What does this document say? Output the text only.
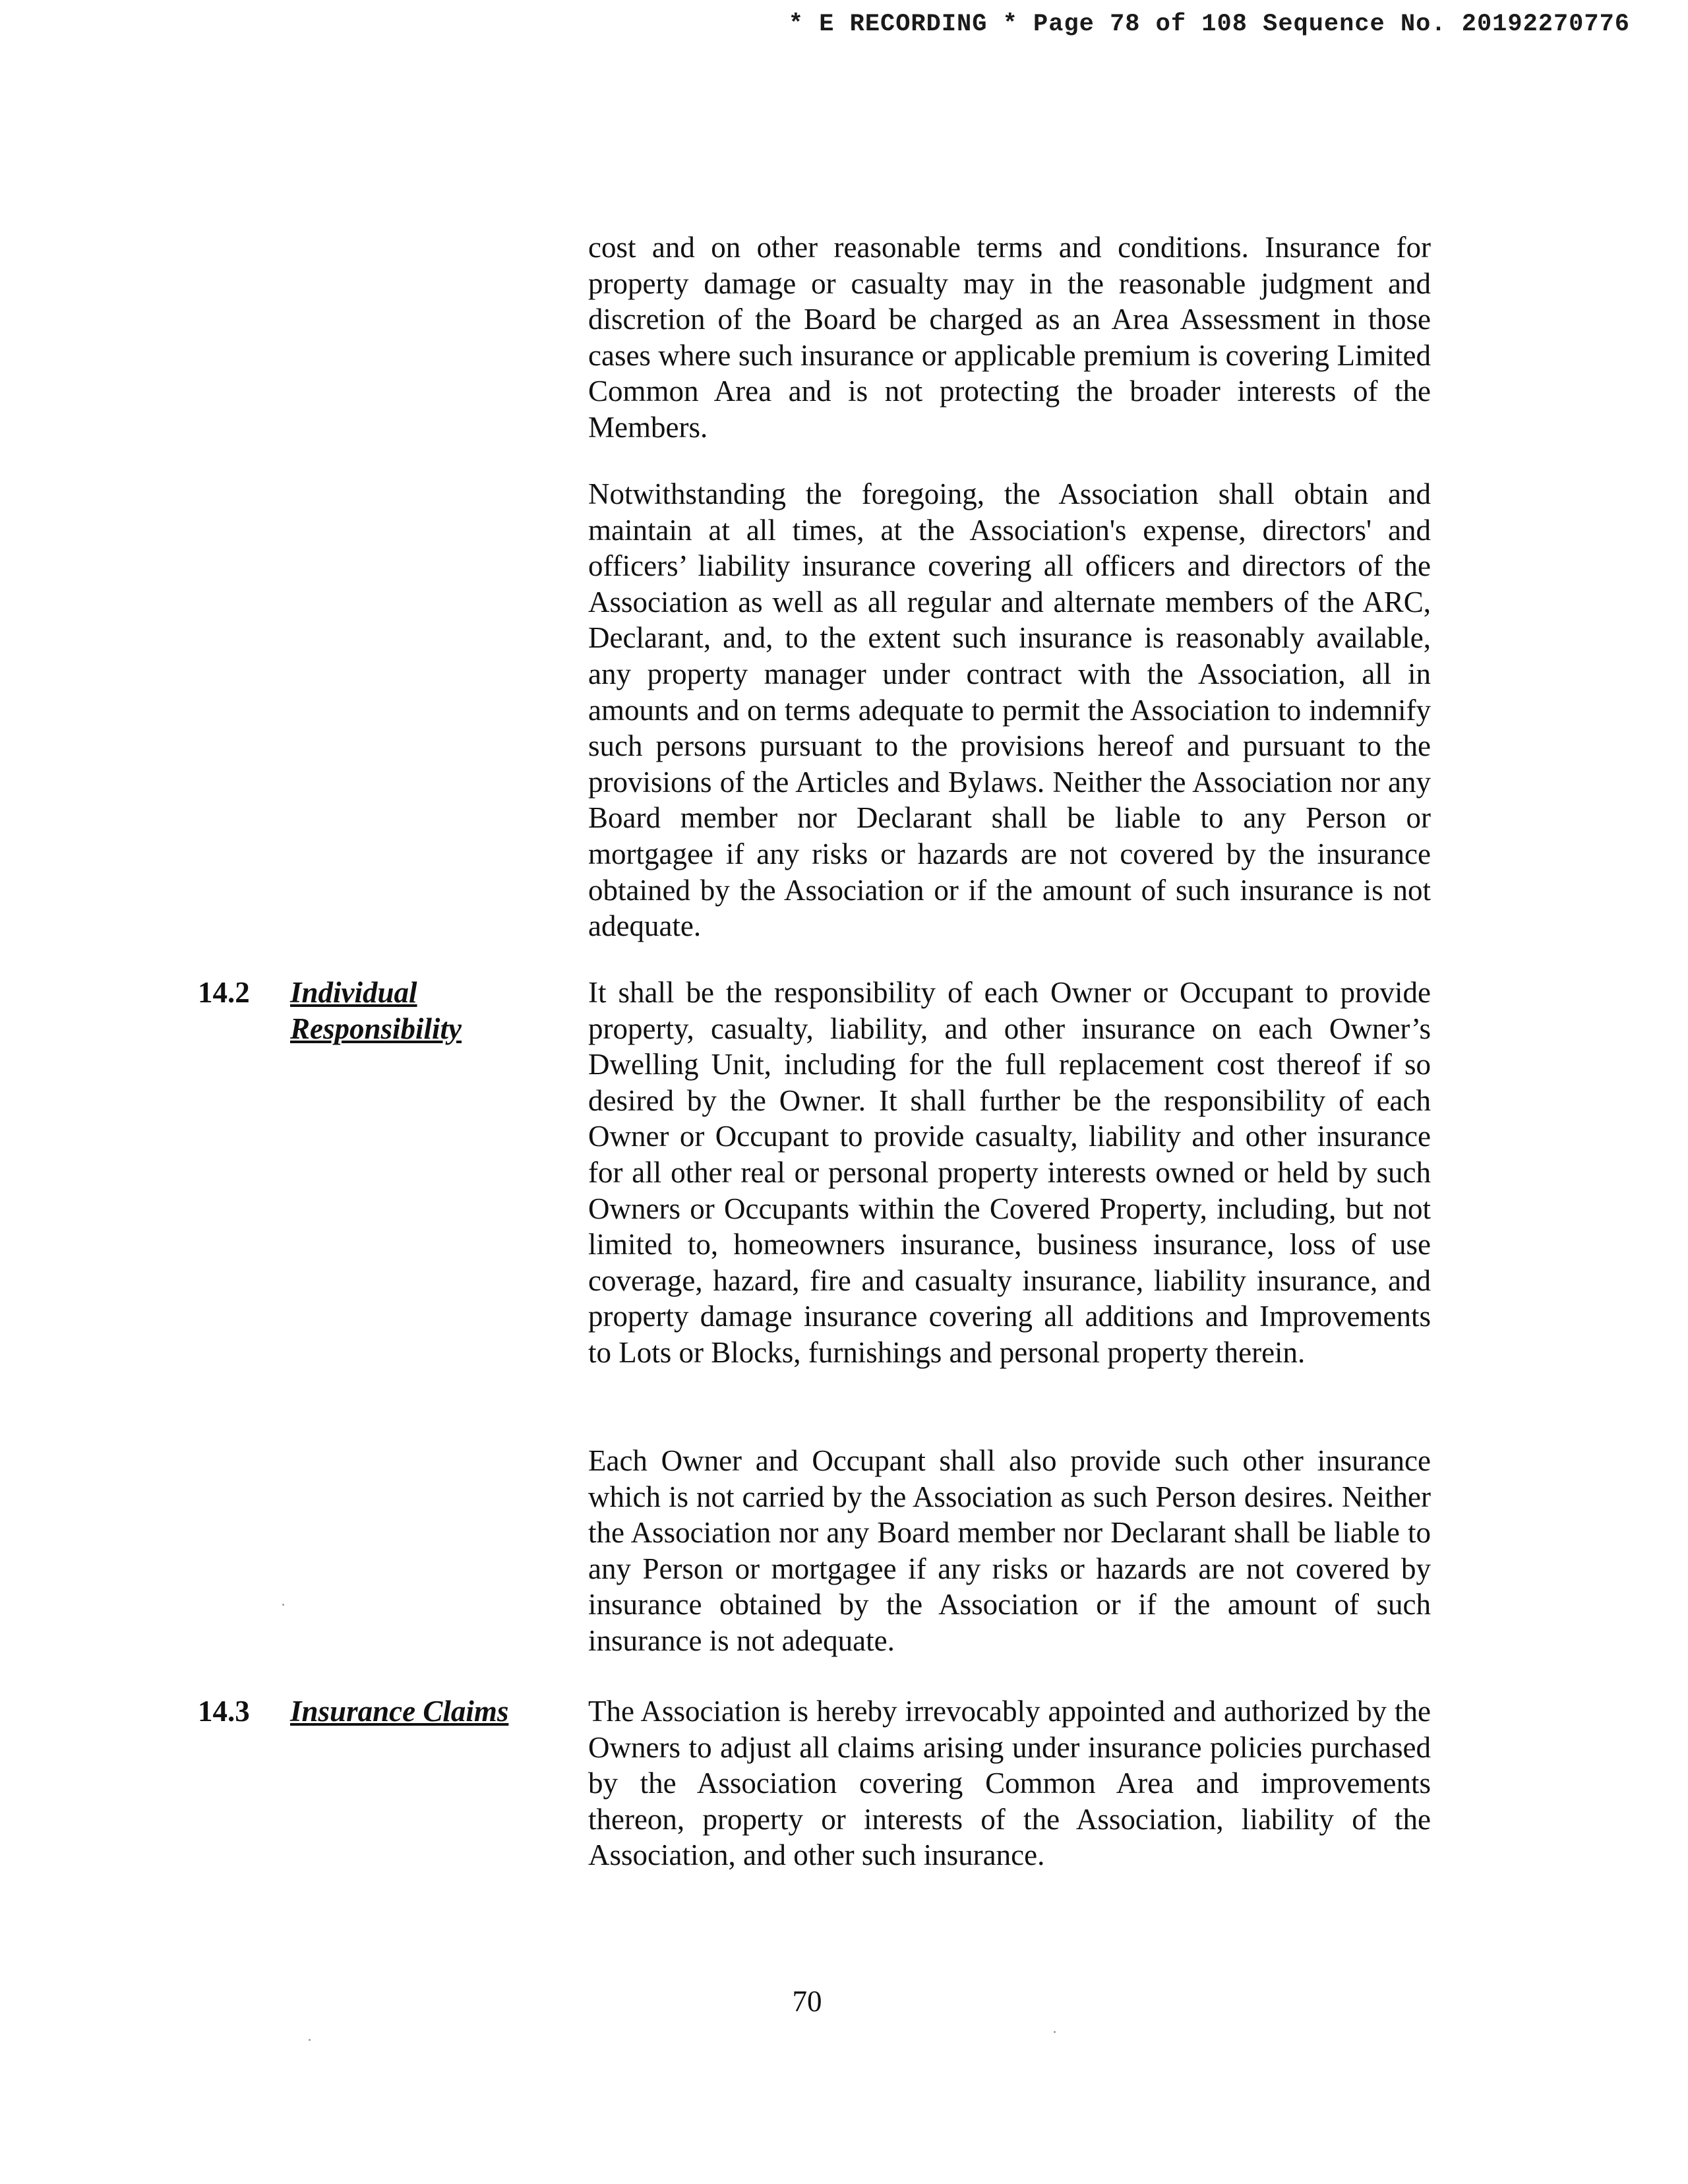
* E RECORDING * Page 78 of 108 Sequence No. 20192270776

cost and on other reasonable terms and conditions. Insurance for property damage or casualty may in the reasonable judgment and discretion of the Board be charged as an Area Assessment in those cases where such insurance or applicable premium is covering Limited Common Area and is not protecting the broader interests of the Members.

Notwithstanding the foregoing, the Association shall obtain and maintain at all times, at the Association's expense, directors' and officers’ liability insurance covering all officers and directors of the Association as well as all regular and alternate members of the ARC, Declarant, and, to the extent such insurance is reasonably available, any property manager under contract with the Association, all in amounts and on terms adequate to permit the Association to indemnify such persons pursuant to the provisions hereof and pursuant to the provisions of the Articles and Bylaws. Neither the Association nor any Board member nor Declarant shall be liable to any Person or mortgagee if any risks or hazards are not covered by the insurance obtained by the Association or if the amount of such insurance is not adequate.

14.2 Individual
Responsibility

It shall be the responsibility of each Owner or Occupant to provide property, casualty, liability, and other insurance on each Owner’s Dwelling Unit, including for the full replacement cost thereof if so desired by the Owner. It shall further be the responsibility of each Owner or Occupant to provide casualty, liability and other insurance for all other real or personal property interests owned or held by such Owners or Occupants within the Covered Property, including, but not limited to, homeowners insurance, business insurance, loss of use coverage, hazard, fire and casualty insurance, liability insurance, and property damage insurance covering all additions and Improvements to Lots or Blocks, furnishings and personal property therein.

Each Owner and Occupant shall also provide such other insurance which is not carried by the Association as such Person desires. Neither the Association nor any Board member nor Declarant shall be liable to any Person or mortgagee if any risks or hazards are not covered by insurance obtained by the Association or if the amount of such insurance is not adequate.

14.3 Insurance Claims	The Association is hereby irrevocably appointed and authorized by the Owners to adjust all claims arising under insurance policies purchased by the Association covering Common Area and improvements thereon, property or interests of the Association, liability of the Association, and other such insurance.

70
